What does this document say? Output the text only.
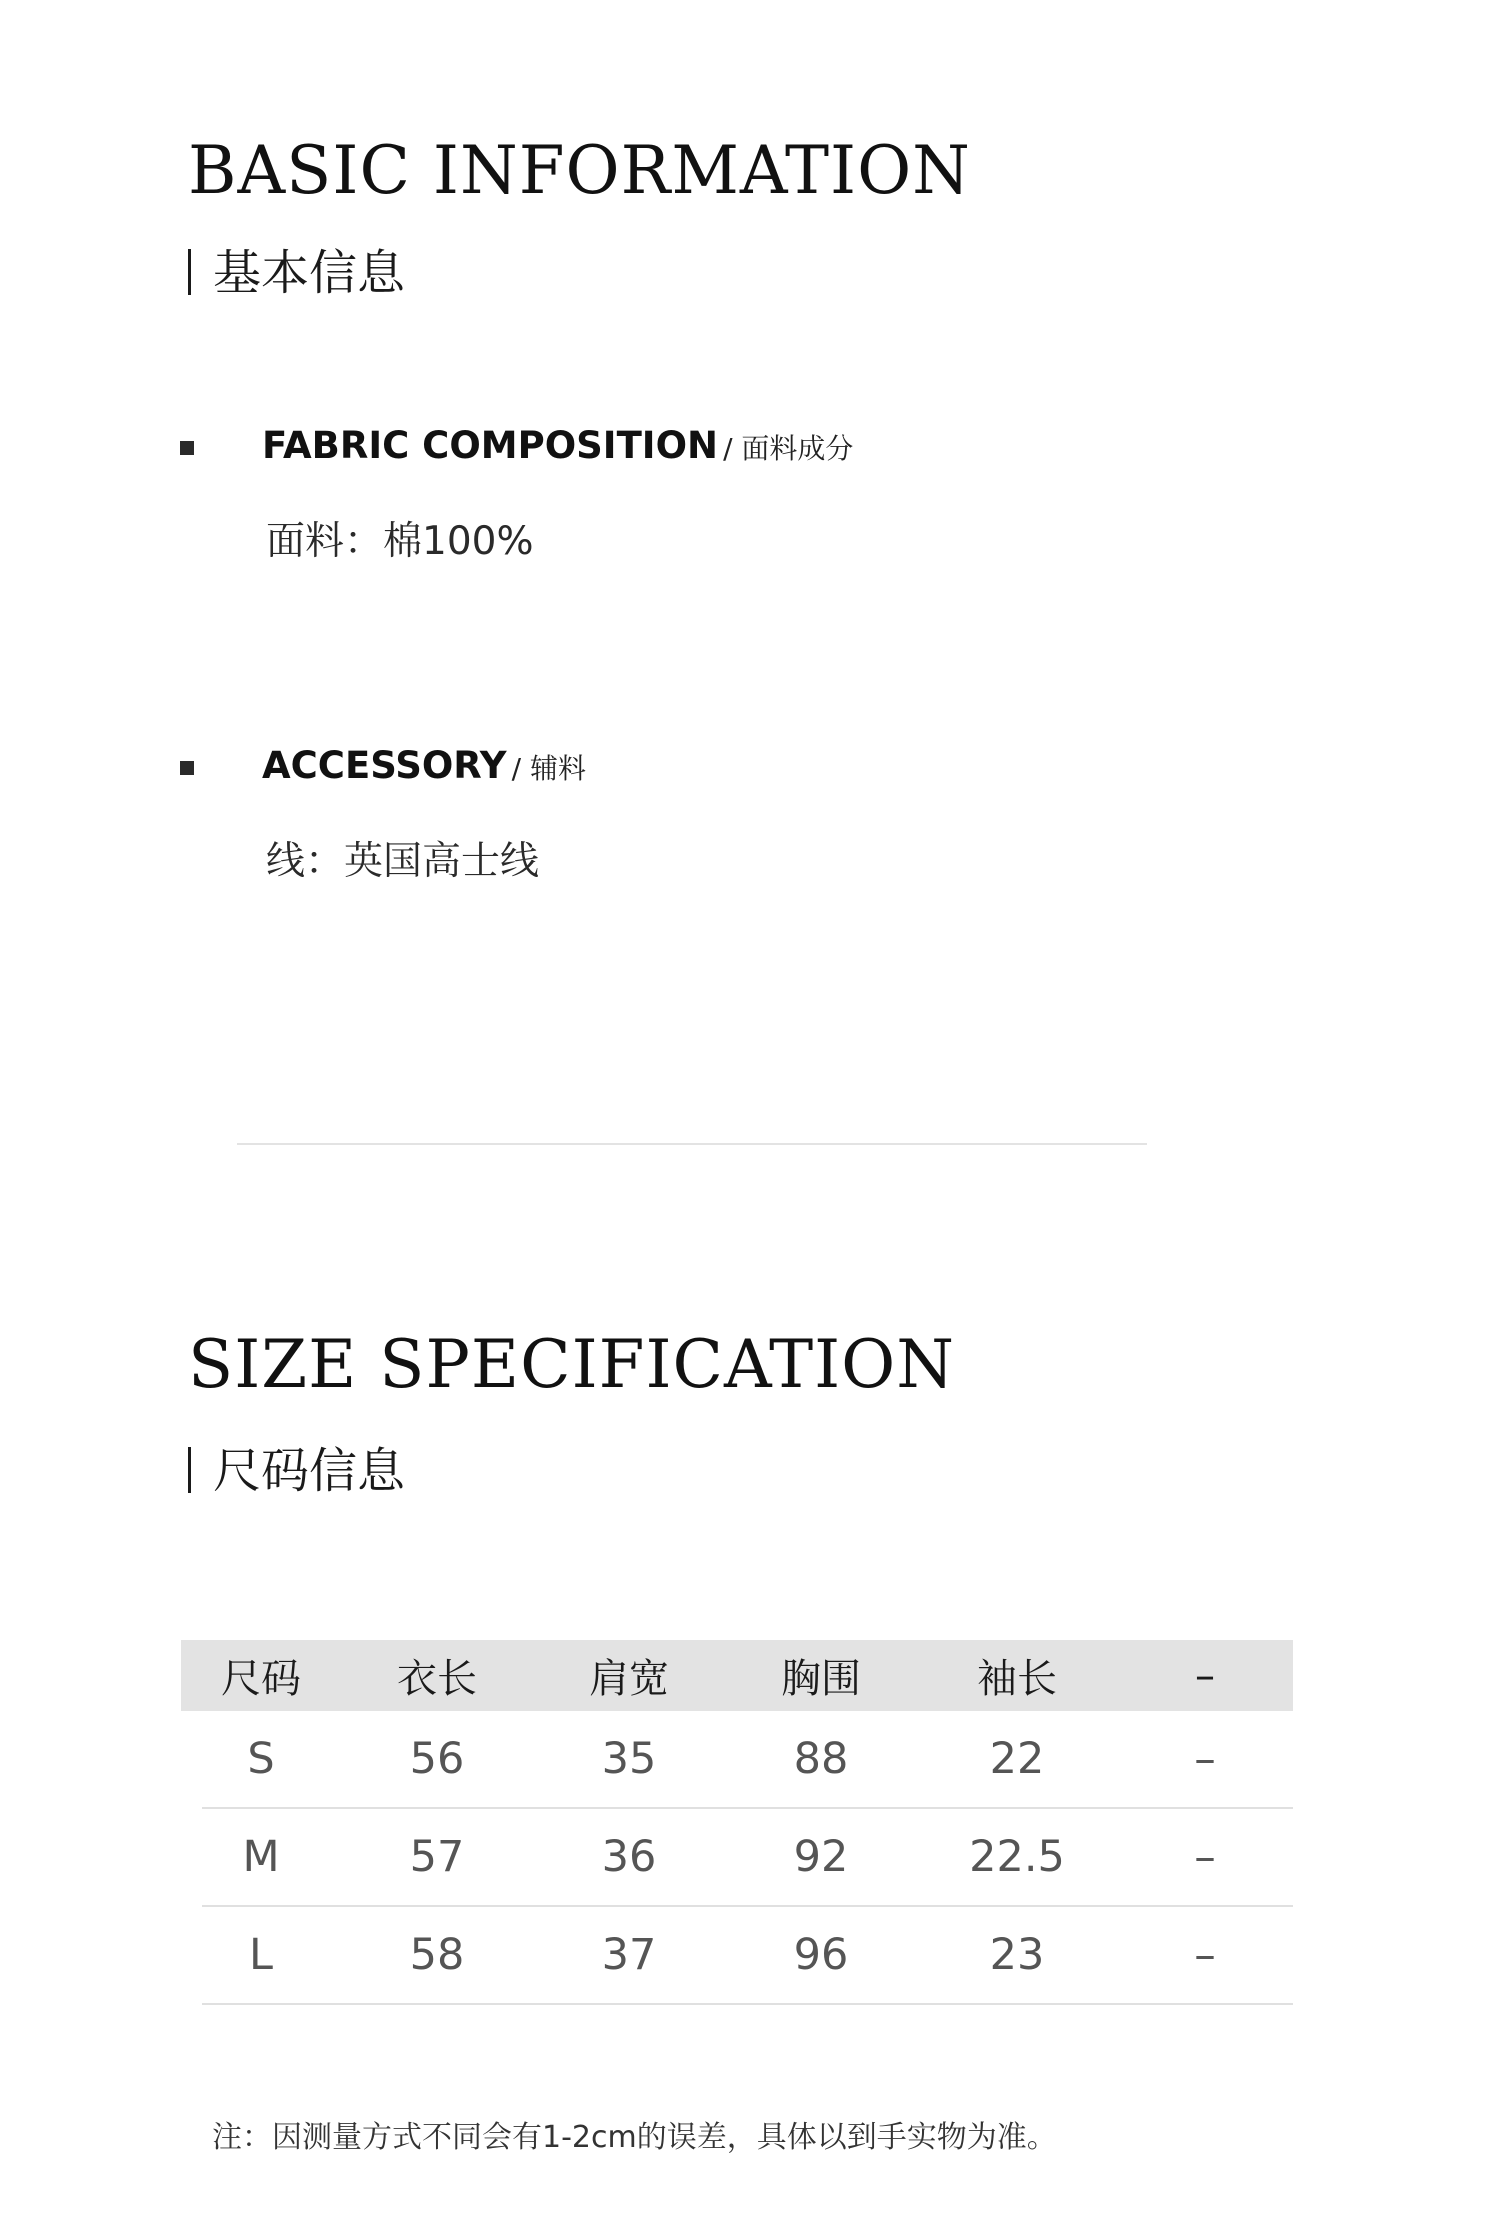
BASIC INFORMATION
基本信息
FABRIC COMPOSITION / 面料成分
面料：棉100%
ACCESSORY / 辅料
线：英国高士线
SIZE SPECIFICATION
尺码信息
尺码	衣长	肩宽	胸围	袖长	–
S	56	35	88	22	–
M	57	36	92	22.5	–
L	58	37	96	23	–
注：因测量方式不同会有1-2cm的误差，具体以到手实物为准。
